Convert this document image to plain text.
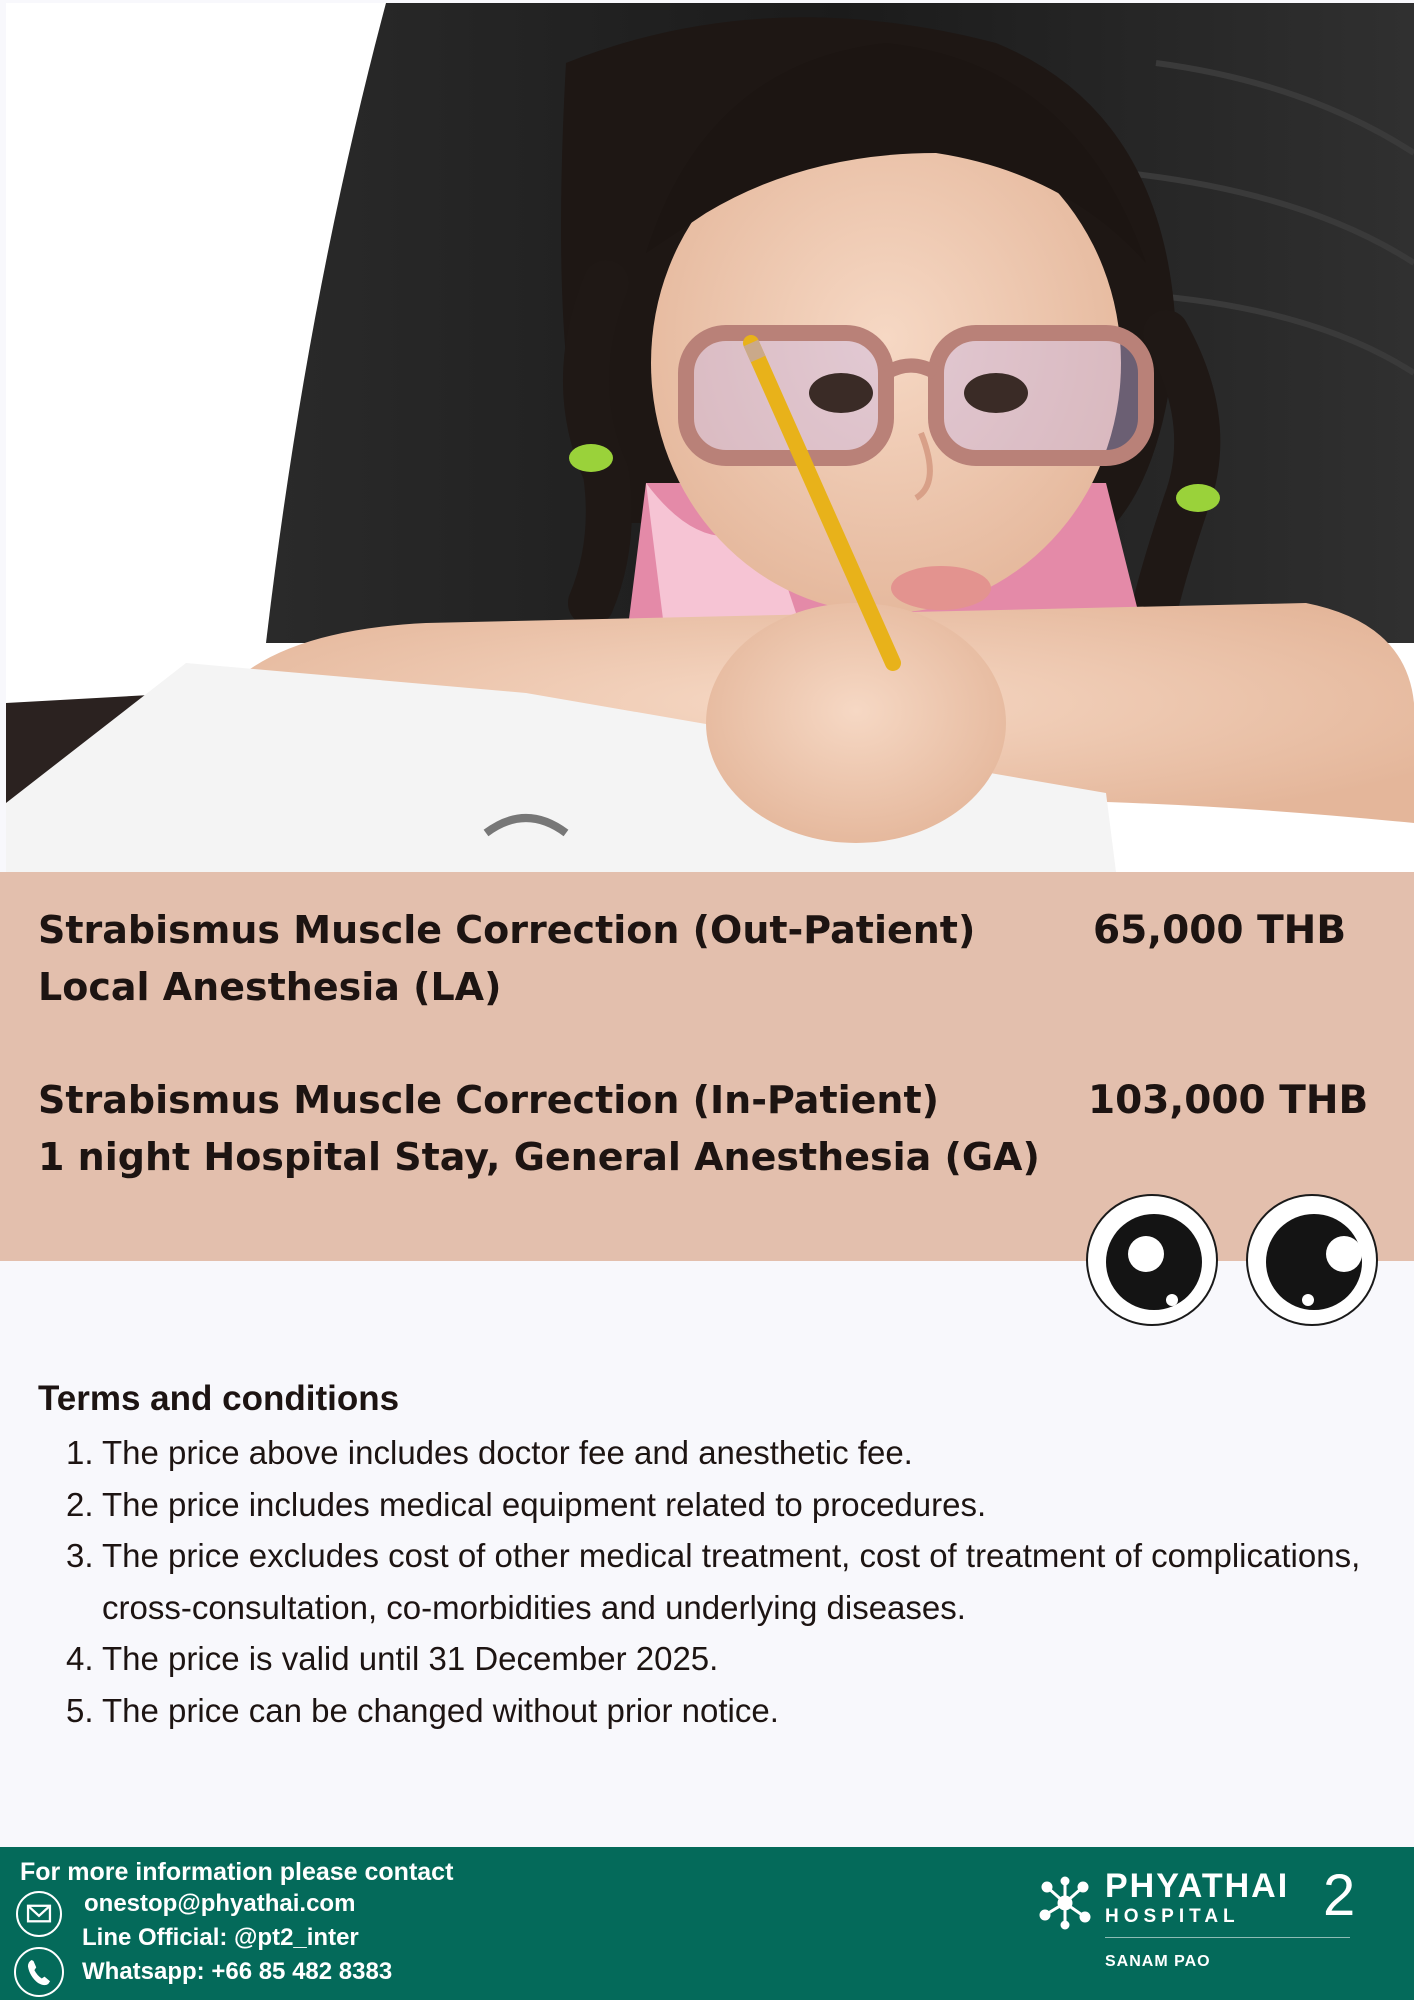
Strabismus Muscle Correction (Out-Patient)
Local Anesthesia (LA)
65,000 THB
Strabismus Muscle Correction (In-Patient)
1 night Hospital Stay, General Anesthesia (GA)
103,000 THB
Terms and conditions
1. The price above includes doctor fee and anesthetic fee.
2. The price includes medical equipment related to procedures.
3. The price excludes cost of other medical treatment, cost of treatment of complications, cross-consultation, co-morbidities and underlying diseases.
4. The price is valid until 31 December 2025.
5. The price can be changed without prior notice.
For more information please contact
onestop@phyathai.com
Line Official: @pt2_inter
Whatsapp: +66 85 482 8383
PHYATHAI
HOSPITAL 2
SANAM PAO
